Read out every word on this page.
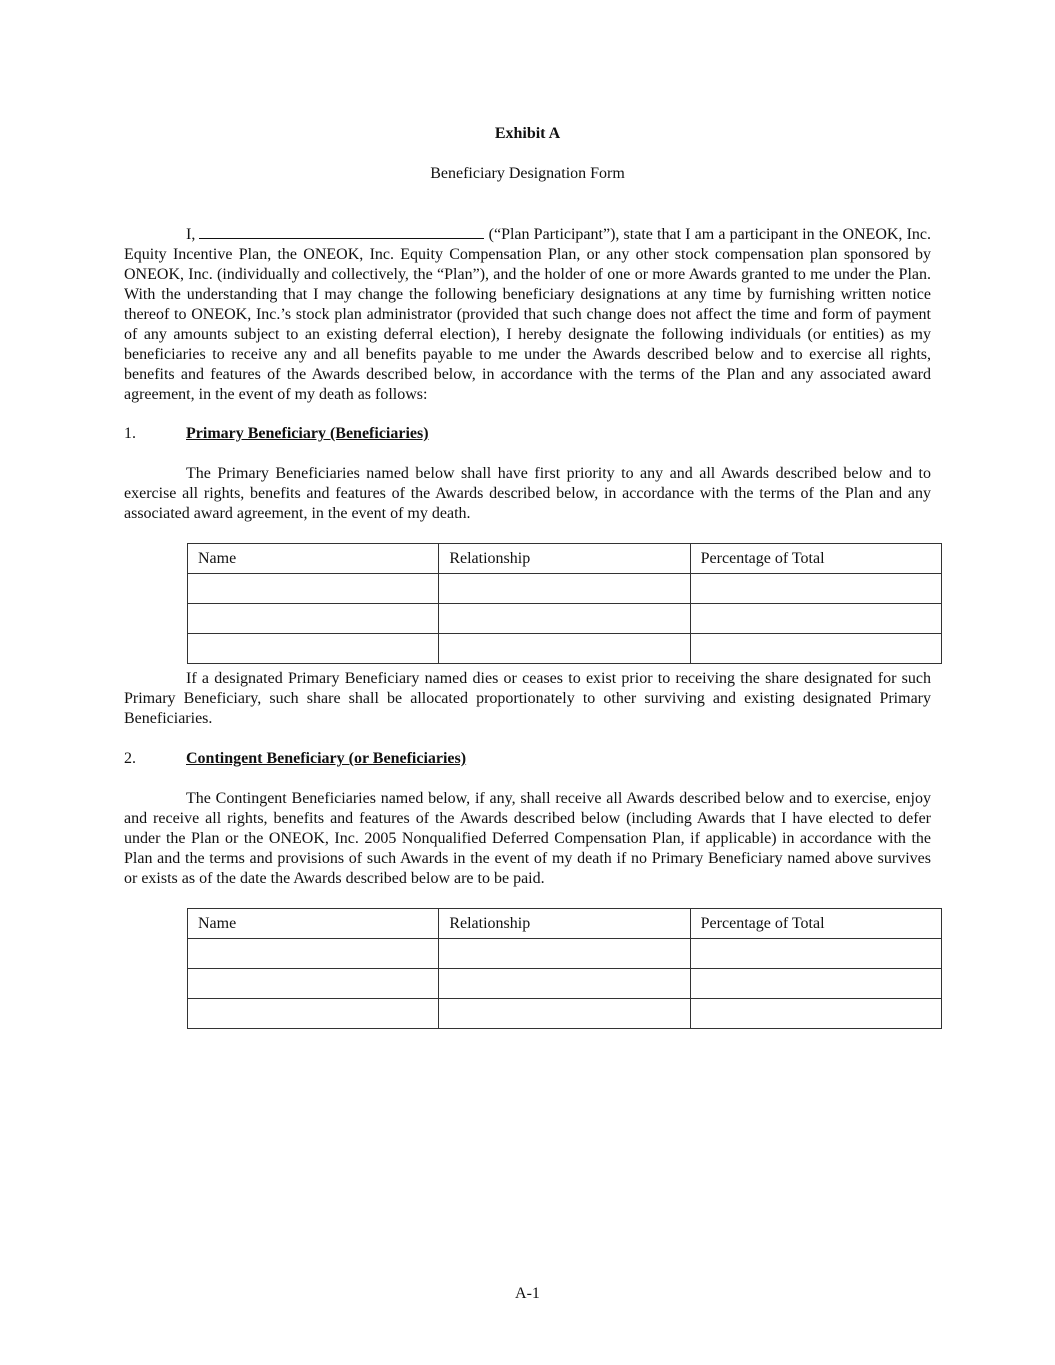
Exhibit A
Beneficiary Designation Form

I,	(“Plan Participant”), state that I am a participant in the ONEOK, Inc. Equity Incentive Plan, the ONEOK, Inc. Equity Compensation Plan, or any other stock compensation plan sponsored by ONEOK, Inc. (individually and collectively, the “Plan”), and the holder of one or more Awards granted to me under the Plan. With the understanding that I may change the following beneficiary designations at any time by furnishing written notice thereof to ONEOK, Inc.’s stock plan administrator (provided that such change does not affect the time and form of payment of any amounts subject to an existing deferral election), I hereby designate the following individuals (or entities) as my beneficiaries to receive any and all benefits payable to me under the Awards described below and to exercise all rights, benefits and features of the Awards described below, in accordance with the terms of the Plan and any associated award agreement, in the event of my death as follows:

1.	Primary Beneficiary (Beneficiaries)

The Primary Beneficiaries named below shall have first priority to any and all Awards described below and to exercise all rights, benefits and features of the Awards described below, in accordance with the terms of the Plan and any associated award agreement, in the event of my death.

Name	Relationship	Percentage of Total

If a designated Primary Beneficiary named dies or ceases to exist prior to receiving the share designated for such Primary Beneficiary, such share shall be allocated proportionately to other surviving and existing designated Primary Beneficiaries.

2.	Contingent Beneficiary (or Beneficiaries)

The Contingent Beneficiaries named below, if any, shall receive all Awards described below and to exercise, enjoy and receive all rights, benefits and features of the Awards described below (including Awards that I have elected to defer under the Plan or the ONEOK, Inc. 2005 Nonqualified Deferred Compensation Plan, if applicable) in accordance with the Plan and the terms and provisions of such Awards in the event of my death if no Primary Beneficiary named above survives or exists as of the date the Awards described below are to be paid.

Name	Relationship	Percentage of Total

A-1
